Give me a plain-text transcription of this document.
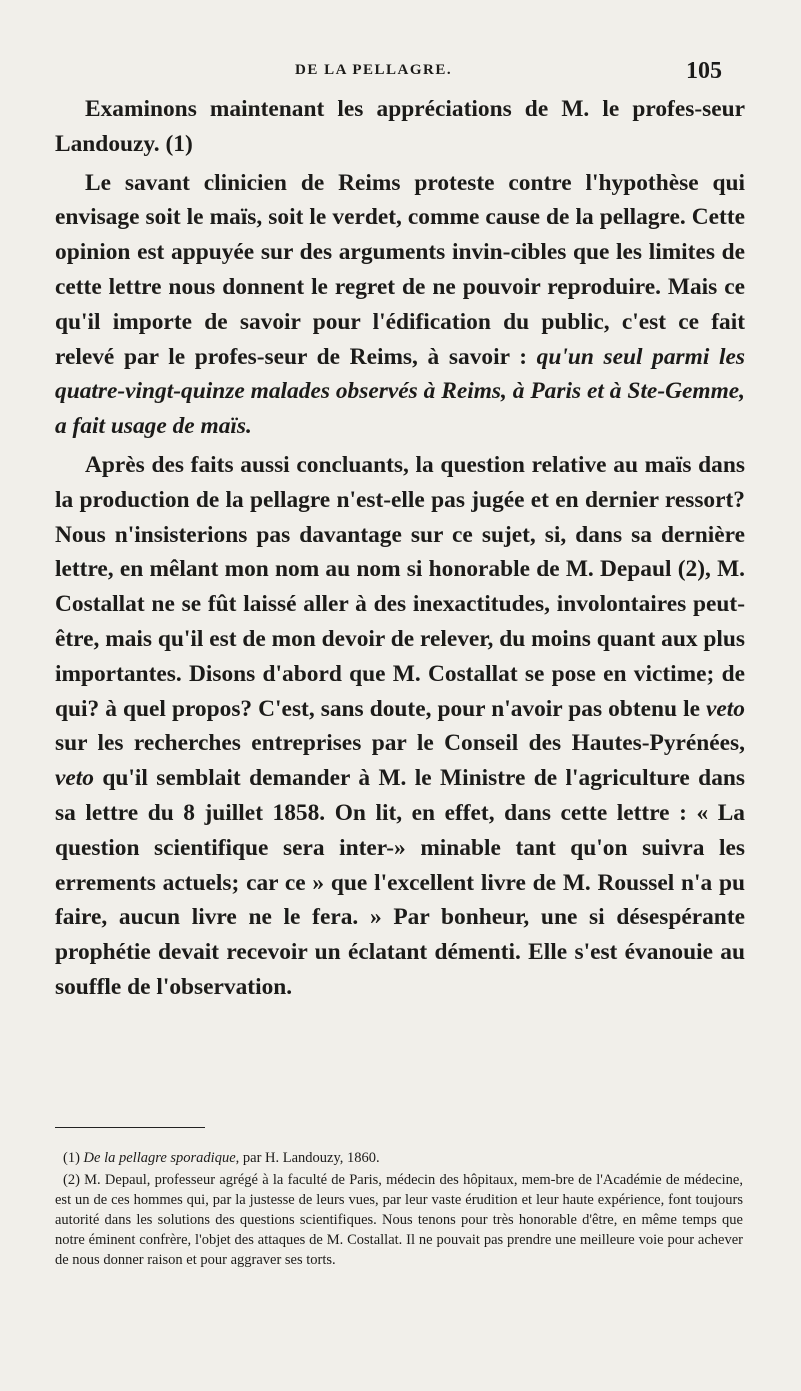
DE LA PELLAGRE.	105

Examinons maintenant les appréciations de M. le profes-seur Landouzy. (1)

Le savant clinicien de Reims proteste contre l'hypothèse qui envisage soit le maïs, soit le verdet, comme cause de la pellagre. Cette opinion est appuyée sur des arguments invin-cibles que les limites de cette lettre nous donnent le regret de ne pouvoir reproduire. Mais ce qu'il importe de savoir pour l'édification du public, c'est ce fait relevé par le profes-seur de Reims, à savoir : qu'un seul parmi les quatre-vingt-quinze malades observés à Reims, à Paris et à Ste-Gemme, a fait usage de maïs.

Après des faits aussi concluants, la question relative au maïs dans la production de la pellagre n'est-elle pas jugée et en dernier ressort? Nous n'insisterions pas davantage sur ce sujet, si, dans sa dernière lettre, en mêlant mon nom au nom si honorable de M. Depaul (2), M. Costallat ne se fût laissé aller à des inexactitudes, involontaires peut-être, mais qu'il est de mon devoir de relever, du moins quant aux plus importantes. Disons d'abord que M. Costallat se pose en victime; de qui? à quel propos? C'est, sans doute, pour n'avoir pas obtenu le veto sur les recherches entreprises par le Conseil des Hautes-Pyrénées, veto qu'il semblait demander à M. le Ministre de l'agriculture dans sa lettre du 8 juillet 1858. On lit, en effet, dans cette lettre : « La question scientifique sera inter-» minable tant qu'on suivra les errements actuels; car ce » que l'excellent livre de M. Roussel n'a pu faire, aucun livre ne le fera. » Par bonheur, une si désespérante prophétie devait recevoir un éclatant démenti. Elle s'est évanouie au souffle de l'observation.

(1) De la pellagre sporadique, par H. Landouzy, 1860.

(2) M. Depaul, professeur agrégé à la faculté de Paris, médecin des hôpitaux, mem-bre de l'Académie de médecine, est un de ces hommes qui, par la justesse de leurs vues, par leur vaste érudition et leur haute expérience, font toujours autorité dans les solutions des questions scientifiques. Nous tenons pour très honorable d'être, en même temps que notre éminent confrère, l'objet des attaques de M. Costallat. Il ne pouvait pas prendre une meilleure voie pour achever de nous donner raison et pour aggraver ses torts.
